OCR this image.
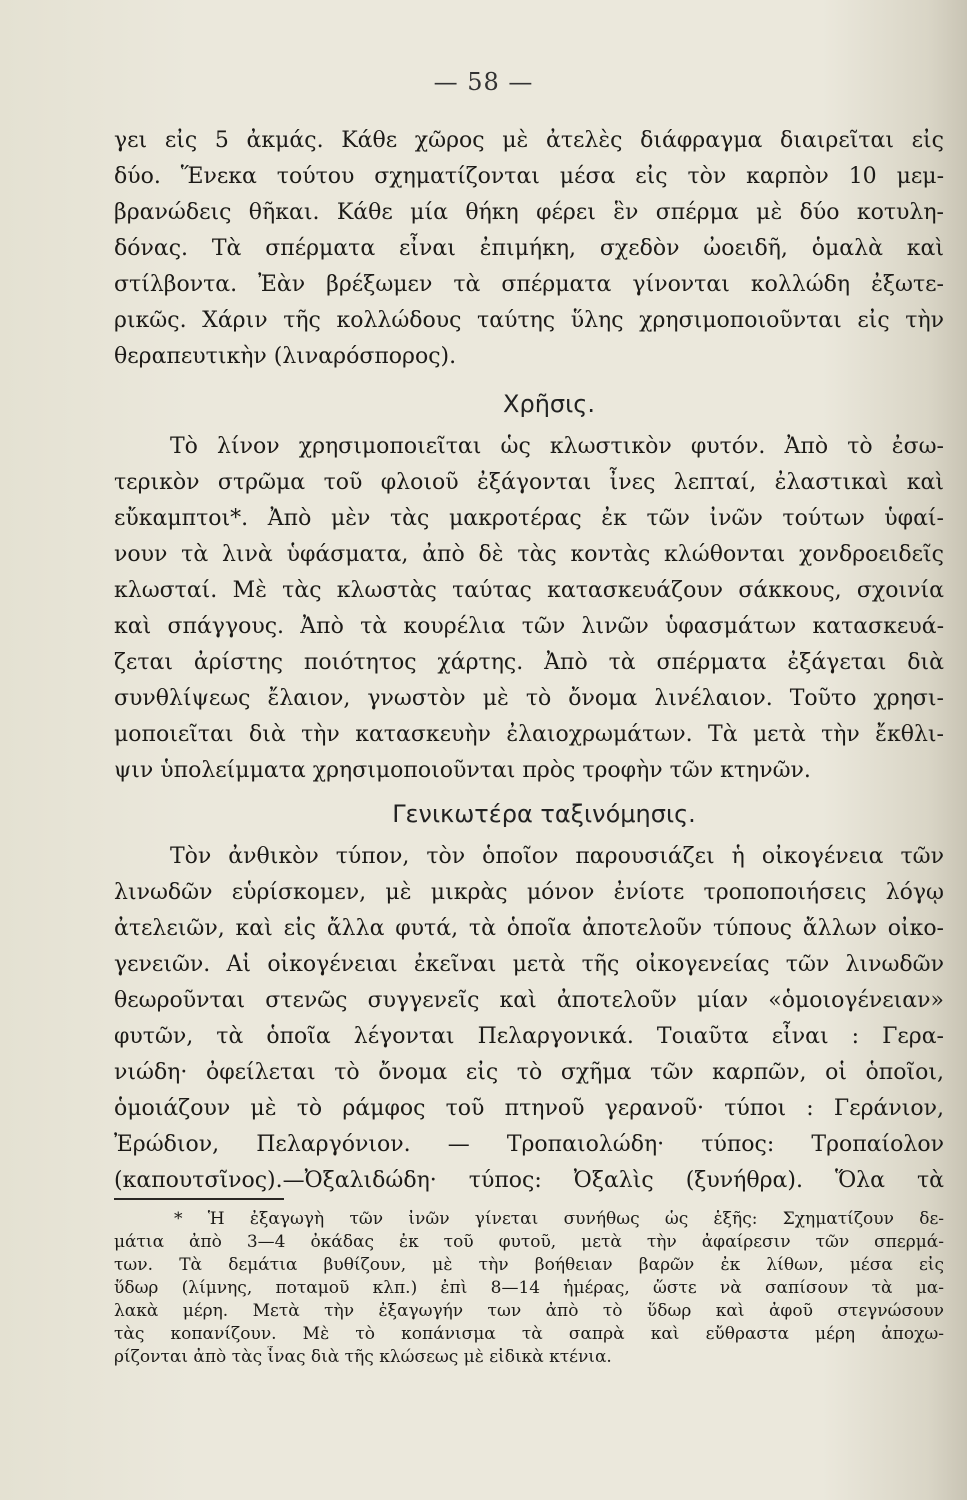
— 58 —
γει εἰς 5 ἀκμάς. Κάθε χῶρος μὲ ἀτελὲς διάφραγμα διαιρεῖται εἰς
δύο. Ἕνεκα τούτου σχηματίζονται μέσα εἰς τὸν καρπὸν 10 μεμ-
βρανώδεις θῆκαι. Κάθε μία θήκη φέρει ἓν σπέρμα μὲ δύο κοτυλη-
δόνας. Τὰ σπέρματα εἶναι ἐπιμήκη, σχεδὸν ὠοειδῆ, ὁμαλὰ καὶ
στίλβοντα. Ἐὰν βρέξωμεν τὰ σπέρματα γίνονται κολλώδη ἐξωτε-
ρικῶς. Χάριν τῆς κολλώδους ταύτης ὕλης χρησιμοποιοῦνται εἰς τὴν
θεραπευτικὴν (λιναρόσπορος).
Χρῆσις.
Τὸ λίνον χρησιμοποιεῖται ὡς κλωστικὸν φυτόν. Ἀπὸ τὸ ἐσω-
τερικὸν στρῶμα τοῦ φλοιοῦ ἐξάγονται ἶνες λεπταί, ἐλαστικαὶ καὶ
εὔκαμπτοι*. Ἀπὸ μὲν τὰς μακροτέρας ἐκ τῶν ἰνῶν τούτων ὑφαί-
νουν τὰ λινὰ ὑφάσματα, ἀπὸ δὲ τὰς κοντὰς κλώθονται χονδροειδεῖς
κλωσταί. Μὲ τὰς κλωστὰς ταύτας κατασκευάζουν σάκκους, σχοινία
καὶ σπάγγους. Ἀπὸ τὰ κουρέλια τῶν λινῶν ὑφασμάτων κατασκευά-
ζεται ἀρίστης ποιότητος χάρτης. Ἀπὸ τὰ σπέρματα ἐξάγεται διὰ
συνθλίψεως ἔλαιον, γνωστὸν μὲ τὸ ὄνομα λινέλαιον. Τοῦτο χρησι-
μοποιεῖται διὰ τὴν κατασκευὴν ἐλαιοχρωμάτων. Τὰ μετὰ τὴν ἔκθλι-
ψιν ὑπολείμματα χρησιμοποιοῦνται πρὸς τροφὴν τῶν κτηνῶν.
Γενικωτέρα ταξινόμησις.
Τὸν ἀνθικὸν τύπον, τὸν ὁποῖον παρουσιάζει ἡ οἰκογένεια τῶν
λινωδῶν εὑρίσκομεν, μὲ μικρὰς μόνον ἐνίοτε τροποποιήσεις λόγῳ
ἀτελειῶν, καὶ εἰς ἄλλα φυτά, τὰ ὁποῖα ἀποτελοῦν τύπους ἄλλων οἰκο-
γενειῶν. Αἱ οἰκογένειαι ἐκεῖναι μετὰ τῆς οἰκογενείας τῶν λινωδῶν
θεωροῦνται στενῶς συγγενεῖς καὶ ἀποτελοῦν μίαν «ὁμοιογένειαν»
φυτῶν, τὰ ὁποῖα λέγονται Πελαργονικά. Τοιαῦτα εἶναι : Γερα-
νιώδη· ὀφείλεται τὸ ὄνομα εἰς τὸ σχῆμα τῶν καρπῶν, οἱ ὁποῖοι,
ὁμοιάζουν μὲ τὸ ράμφος τοῦ πτηνοῦ γερανοῦ· τύποι : Γεράνιον,
Ἐρώδιον, Πελαργόνιον. — Τροπαιολώδη· τύπος: Τροπαίολον
(καπουτσῖνος).—Ὀξαλιδώδη· τύπος: Ὀξαλὶς (ξυνήθρα). Ὅλα τὰ
* Ἡ ἐξαγωγὴ τῶν ἰνῶν γίνεται συνήθως ὡς ἑξῆς: Σχηματίζουν δε-
μάτια ἀπὸ 3—4 ὀκάδας ἐκ τοῦ φυτοῦ, μετὰ τὴν ἀφαίρεσιν τῶν σπερμά-
των. Τὰ δεμάτια βυθίζουν, μὲ τὴν βοήθειαν βαρῶν ἐκ λίθων, μέσα εἰς
ὕδωρ (λίμνης, ποταμοῦ κλπ.) ἐπὶ 8—14 ἡμέρας, ὥστε νὰ σαπίσουν τὰ μα-
λακὰ μέρη. Μετὰ τὴν ἐξαγωγήν των ἀπὸ τὸ ὕδωρ καὶ ἀφοῦ στεγνώσουν
τὰς κοπανίζουν. Μὲ τὸ κοπάνισμα τὰ σαπρὰ καὶ εὔθραστα μέρη ἀποχω-
ρίζονται ἀπὸ τὰς ἶνας διὰ τῆς κλώσεως μὲ εἰδικὰ κτένια.
